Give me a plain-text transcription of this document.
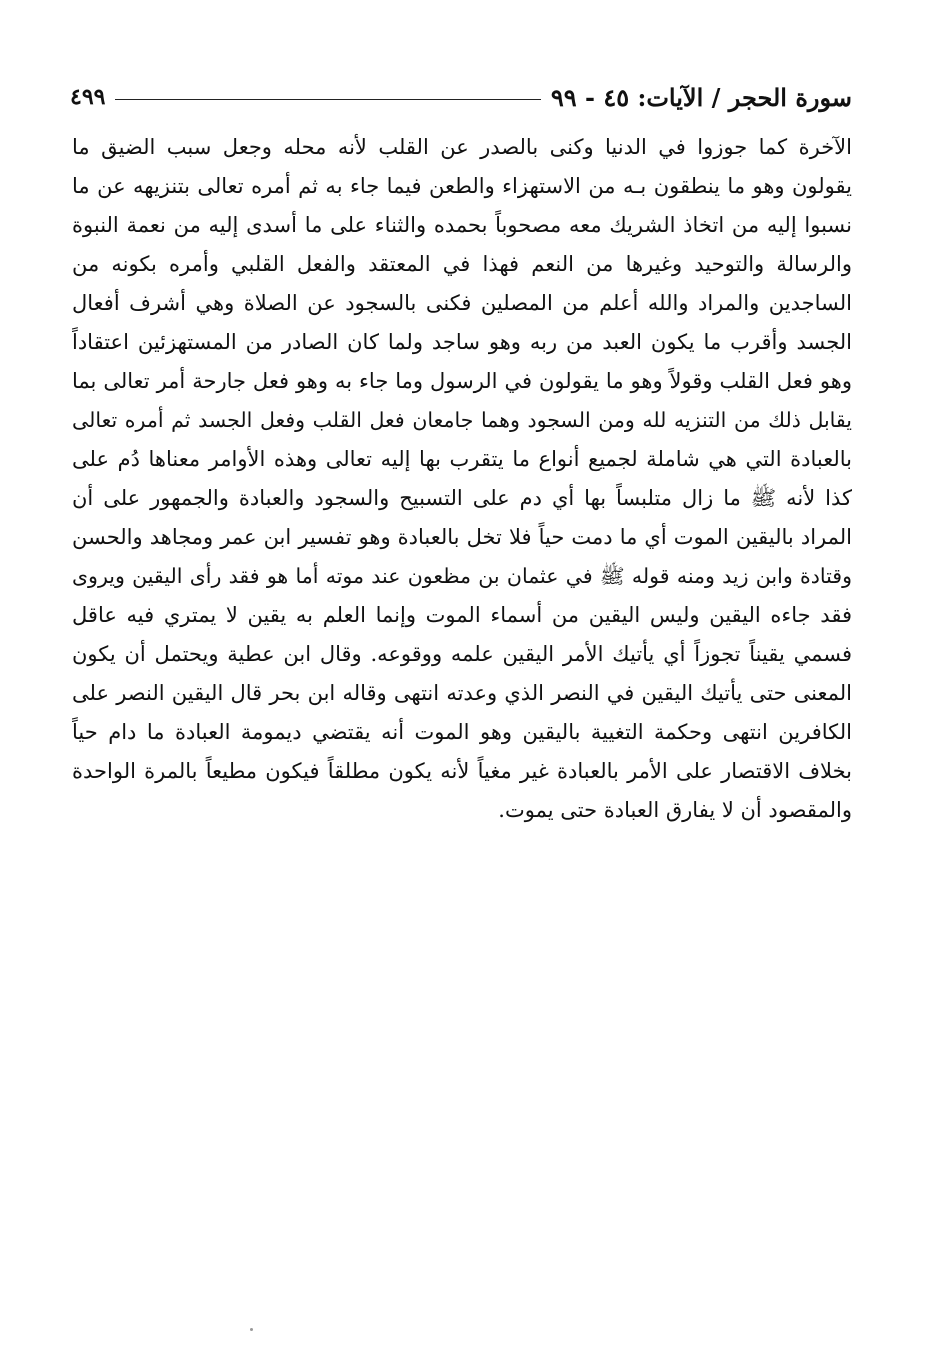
سورة الحجر / الآيات: ٤٥ - ٩٩
٤٩٩
الآخرة كما جوزوا في الدنيا وكنى بالصدر عن القلب لأنه محله وجعل سبب الضيق ما
يقولون وهو ما ينطقون بـه من الاستهزاء والطعن فيما جاء به ثم أمره تعالى بتنزيهه عن ما
نسبوا إليه من اتخاذ الشريك معه مصحوباً بحمده والثناء على ما أسدى إليه من نعمة النبوة
والرسالة والتوحيد وغيرها من النعم فهذا في المعتقد والفعل القلبي وأمره بكونه من
الساجدين والمراد والله أعلم من المصلين فكنى بالسجود عن الصلاة وهي أشرف أفعال
الجسد وأقرب ما يكون العبد من ربه وهو ساجد ولما كان الصادر من المستهزئين اعتقاداً
وهو فعل القلب وقولاً وهو ما يقولون في الرسول وما جاء به وهو فعل جارحة أمر تعالى بما
يقابل ذلك من التنزيه لله ومن السجود وهما جامعان فعل القلب وفعل الجسد ثم أمره تعالى
بالعبادة التي هي شاملة لجميع أنواع ما يتقرب بها إليه تعالى وهذه الأوامر معناها دُم على
كذا لأنه ﷺ ما زال متلبساً بها أي دم على التسبيح والسجود والعبادة والجمهور على أن
المراد باليقين الموت أي ما دمت حياً فلا تخل بالعبادة وهو تفسير ابن عمر ومجاهد والحسن
وقتادة وابن زيد ومنه قوله ﷺ في عثمان بن مظعون عند موته أما هو فقد رأى اليقين ويروى
فقد جاءه اليقين وليس اليقين من أسماء الموت وإنما العلم به يقين لا يمتري فيه عاقل
فسمي يقيناً تجوزاً أي يأتيك الأمر اليقين علمه ووقوعه. وقال ابن عطية ويحتمل أن يكون
المعنى حتى يأتيك اليقين في النصر الذي وعدته انتهى وقاله ابن بحر قال اليقين النصر على
الكافرين انتهى وحكمة التغيية باليقين وهو الموت أنه يقتضي ديمومة العبادة ما دام حياً
بخلاف الاقتصار على الأمر بالعبادة غير مغياً لأنه يكون مطلقاً فيكون مطيعاً بالمرة الواحدة
والمقصود أن لا يفارق العبادة حتى يموت.
